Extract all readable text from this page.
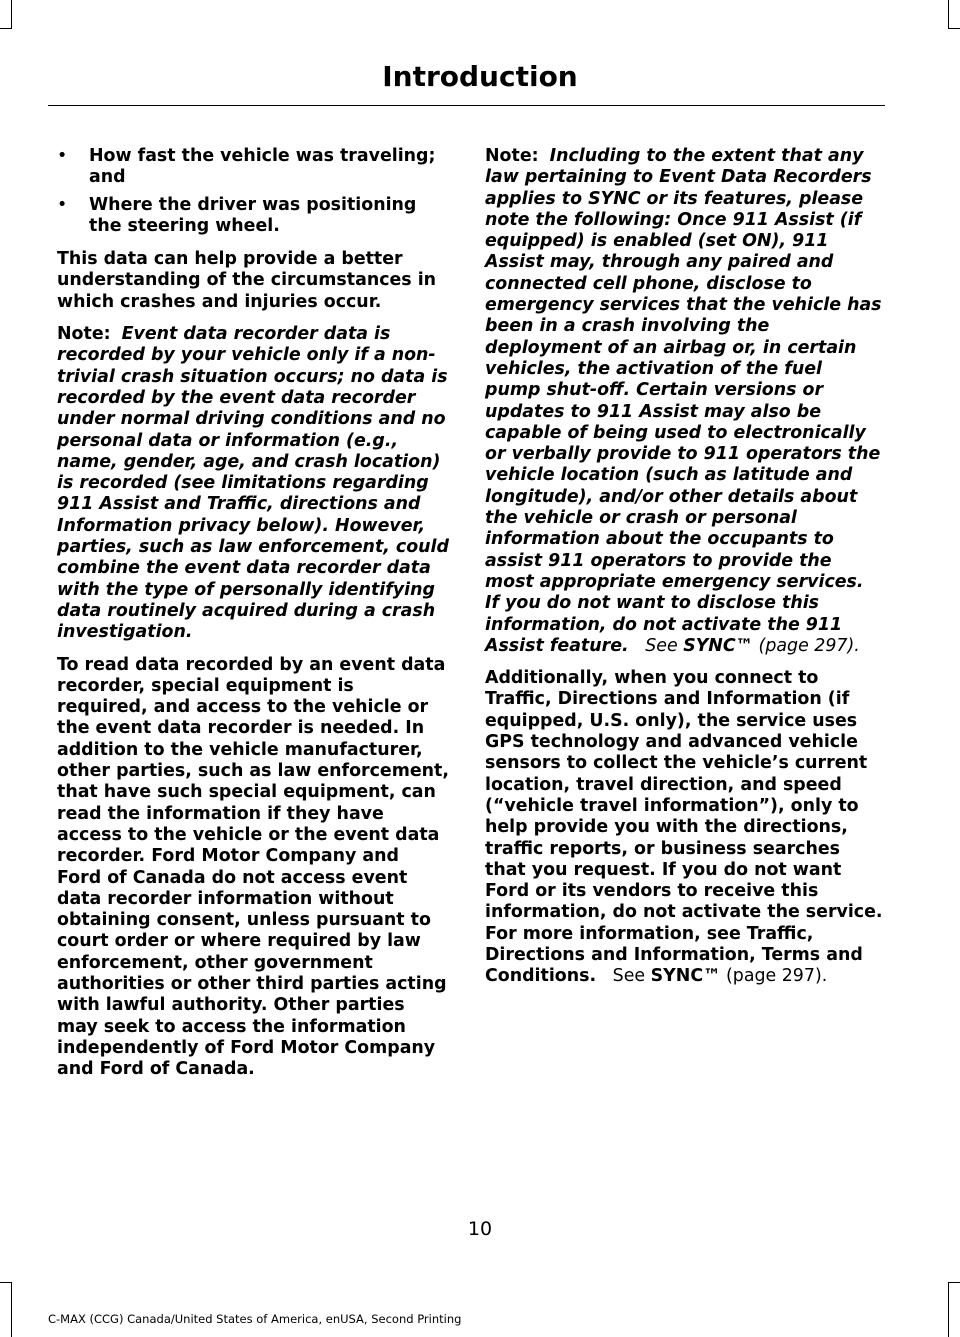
Introduction
• How fast the vehicle was traveling; and
• Where the driver was positioning the steering wheel.

This data can help provide a better understanding of the circumstances in which crashes and injuries occur.

Note: Event data recorder data is recorded by your vehicle only if a non-trivial crash situation occurs; no data is recorded by the event data recorder under normal driving conditions and no personal data or information (e.g., name, gender, age, and crash location) is recorded (see limitations regarding 911 Assist and Traffic, directions and Information privacy below). However, parties, such as law enforcement, could combine the event data recorder data with the type of personally identifying data routinely acquired during a crash investigation.

To read data recorded by an event data recorder, special equipment is required, and access to the vehicle or the event data recorder is needed. In addition to the vehicle manufacturer, other parties, such as law enforcement, that have such special equipment, can read the information if they have access to the vehicle or the event data recorder. Ford Motor Company and Ford of Canada do not access event data recorder information without obtaining consent, unless pursuant to court order or where required by law enforcement, other government authorities or other third parties acting with lawful authority. Other parties may seek to access the information independently of Ford Motor Company and Ford of Canada.

Note: Including to the extent that any law pertaining to Event Data Recorders applies to SYNC or its features, please note the following: Once 911 Assist (if equipped) is enabled (set ON), 911 Assist may, through any paired and connected cell phone, disclose to emergency services that the vehicle has been in a crash involving the deployment of an airbag or, in certain vehicles, the activation of the fuel pump shut-off. Certain versions or updates to 911 Assist may also be capable of being used to electronically or verbally provide to 911 operators the vehicle location (such as latitude and longitude), and/or other details about the vehicle or crash or personal information about the occupants to assist 911 operators to provide the most appropriate emergency services. If you do not want to disclose this information, do not activate the 911 Assist feature. See SYNC™ (page 297).

Additionally, when you connect to Traffic, Directions and Information (if equipped, U.S. only), the service uses GPS technology and advanced vehicle sensors to collect the vehicle’s current location, travel direction, and speed (“vehicle travel information”), only to help provide you with the directions, traffic reports, or business searches that you request. If you do not want Ford or its vendors to receive this information, do not activate the service. For more information, see Traffic, Directions and Information, Terms and Conditions. See SYNC™ (page 297).

10
C-MAX (CCG) Canada/United States of America, enUSA, Second Printing
